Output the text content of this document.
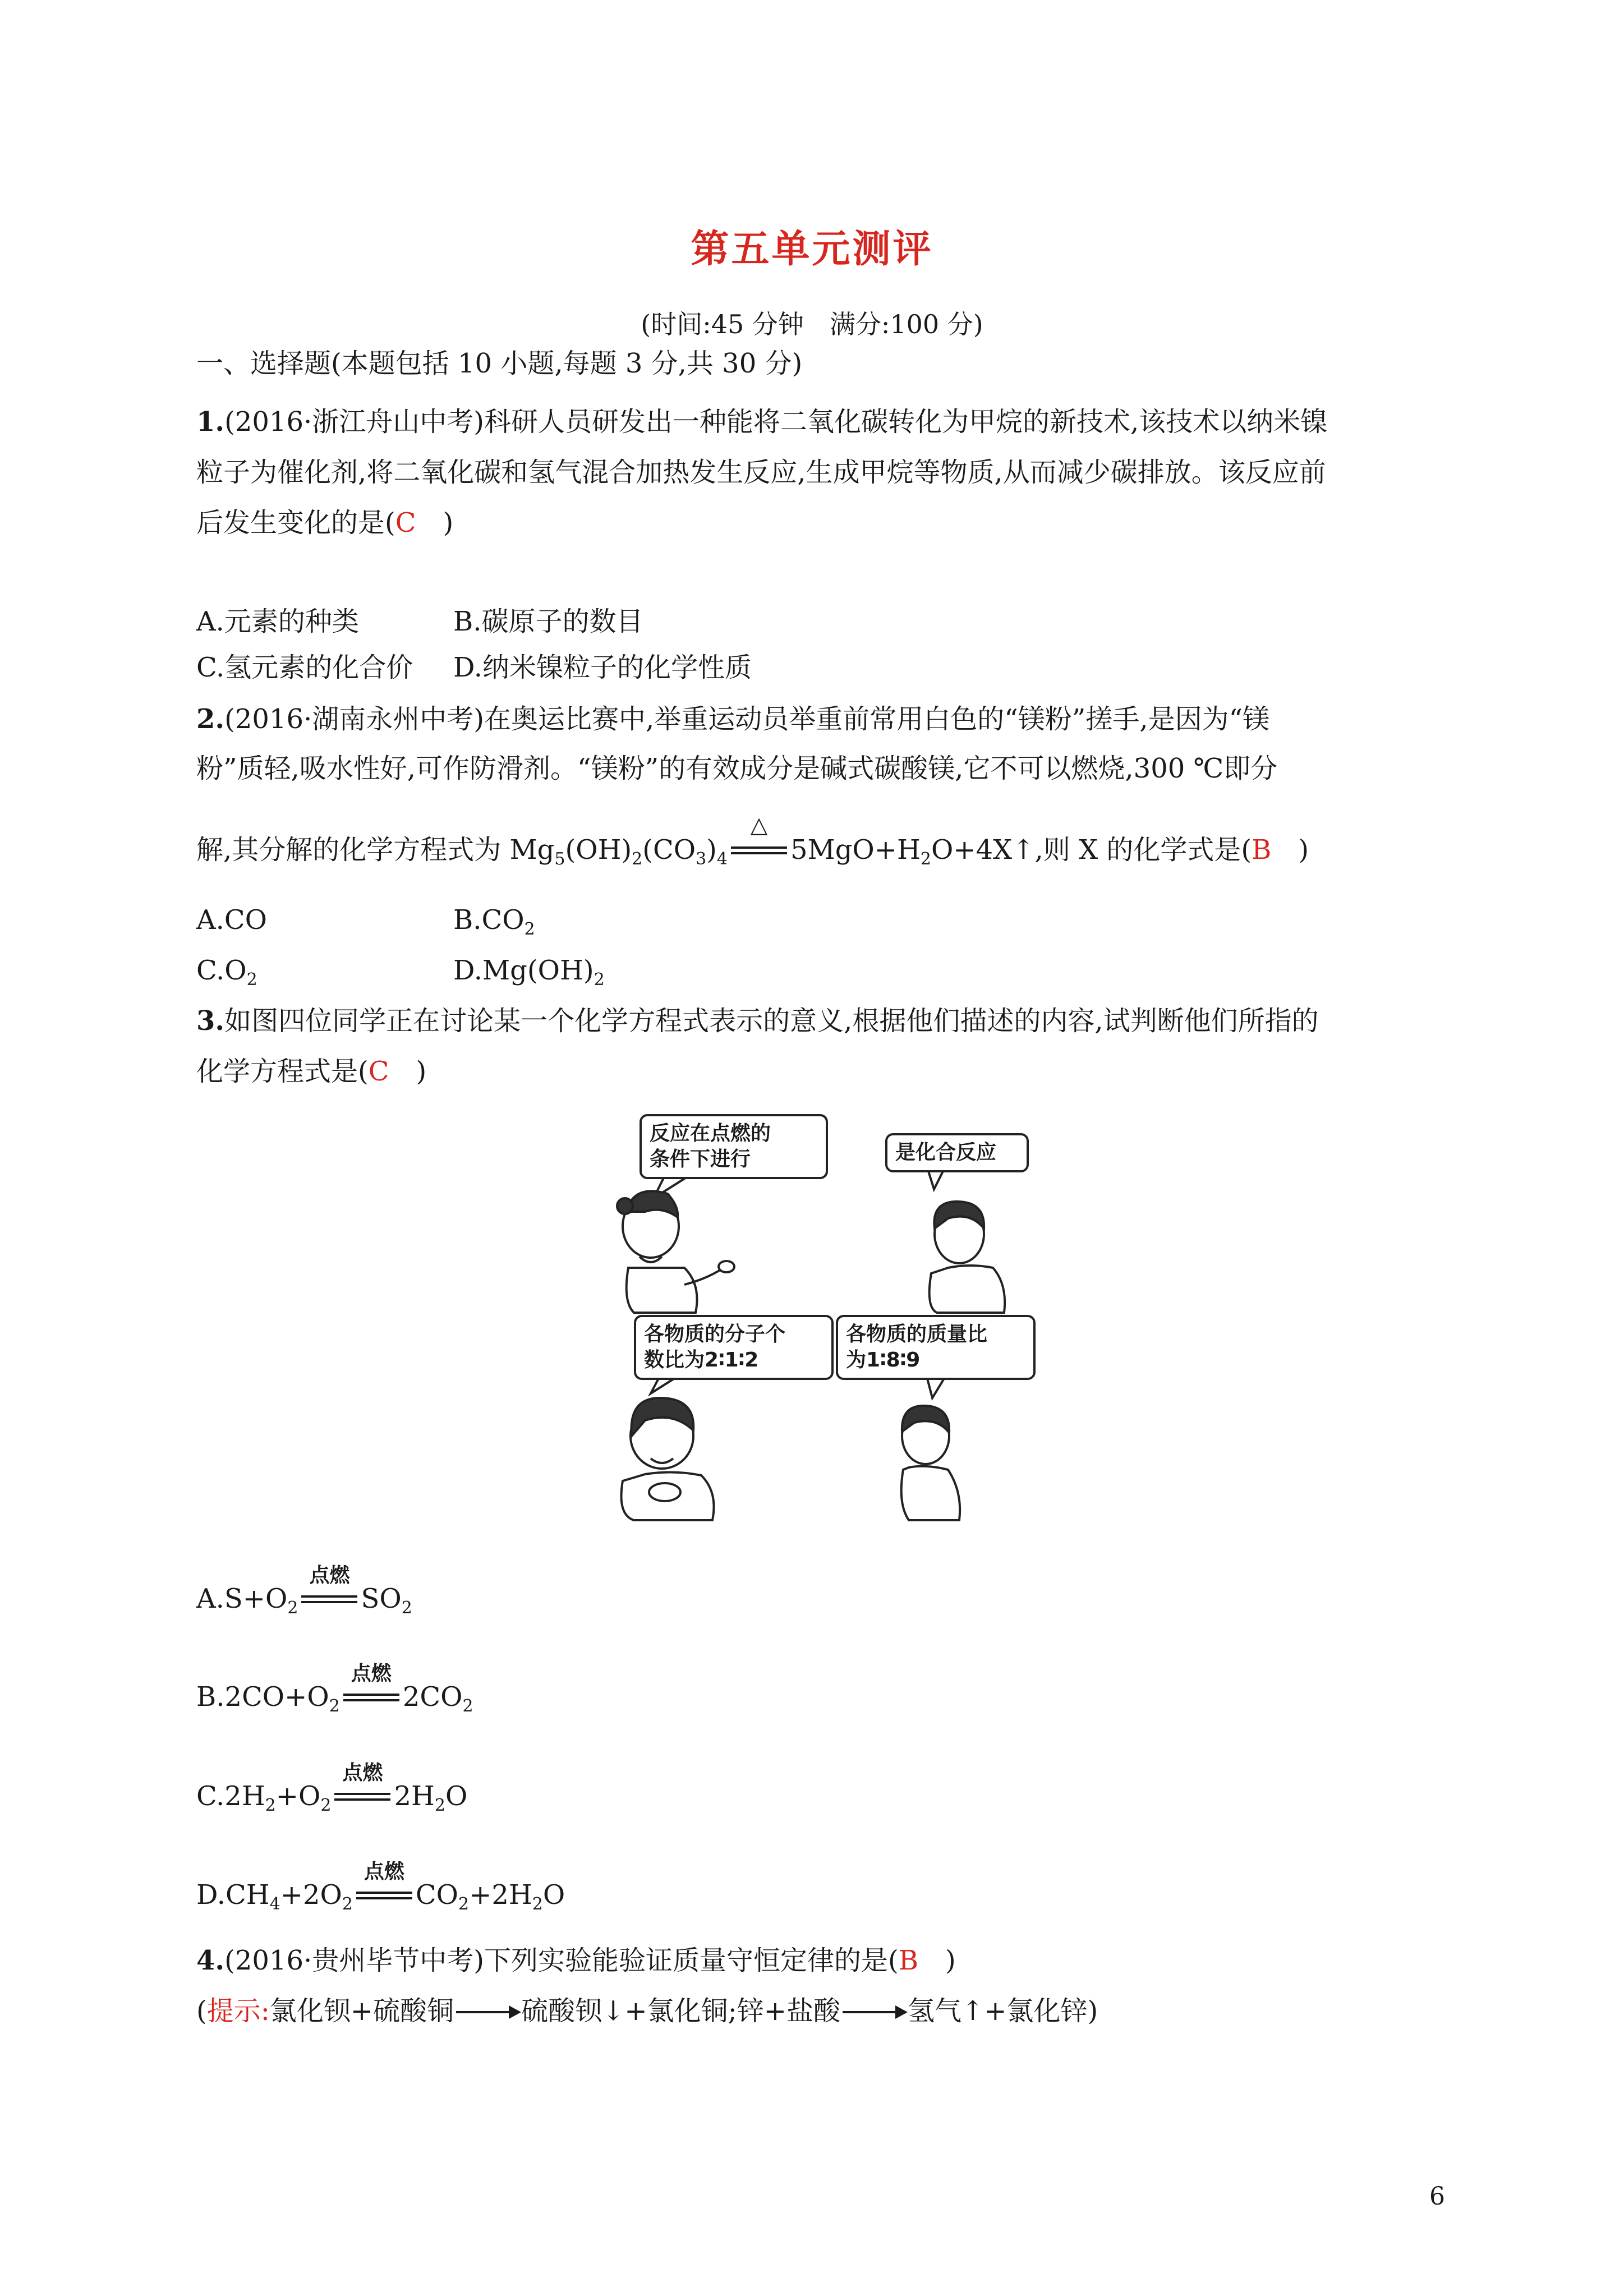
第五单元测评
(时间:45 分钟　满分:100 分)
一、选择题(本题包括 10 小题,每题 3 分,共 30 分)
1.(2016·浙江舟山中考)科研人员研发出一种能将二氧化碳转化为甲烷的新技术,该技术以纳米镍
粒子为催化剂,将二氧化碳和氢气混合加热发生反应,生成甲烷等物质,从而减少碳排放。该反应前
后发生变化的是(C　)
A.元素的种类	B.碳原子的数目
C.氢元素的化合价 D.纳米镍粒子的化学性质
2.(2016·湖南永州中考)在奥运比赛中,举重运动员举重前常用白色的“镁粉”搓手,是因为“镁
粉”质轻,吸水性好,可作防滑剂。“镁粉”的有效成分是碱式碳酸镁,它不可以燃烧,300 ℃即分
解,其分解的化学方程式为 $Mg_5(OH)_2(CO_3)_4$
△
$5MgO+H_2O+4X↑$,则 X 的化学式是(B　)
A.CO	$B.CO_2$
$C.O_2$	$D.Mg(OH)_2$
3.如图四位同学正在讨论某一个化学方程式表示的意义,根据他们描述的内容,试判断他们所指的
化学方程式是(C　)
反应在点燃的
条件下进行	是化合反应
各物质的分子个
数比为2∶1∶2
各物质的质量比
为1∶8∶9
$A.S+O_2$
点燃
$SO_2$
$B.2CO+O_2$
点燃
$2CO_2$
$C.2H_2+O_2$
点燃
$2H_2O$
$D.CH_4+2O_2$
点燃
$CO_2+2H_2O$
4.(2016·贵州毕节中考)下列实验能验证质量守恒定律的是(B　)
(提示:氯化钡+硫酸铜	硫酸钡↓+氯化铜;锌+盐酸	氢气↑+氯化锌)
6
